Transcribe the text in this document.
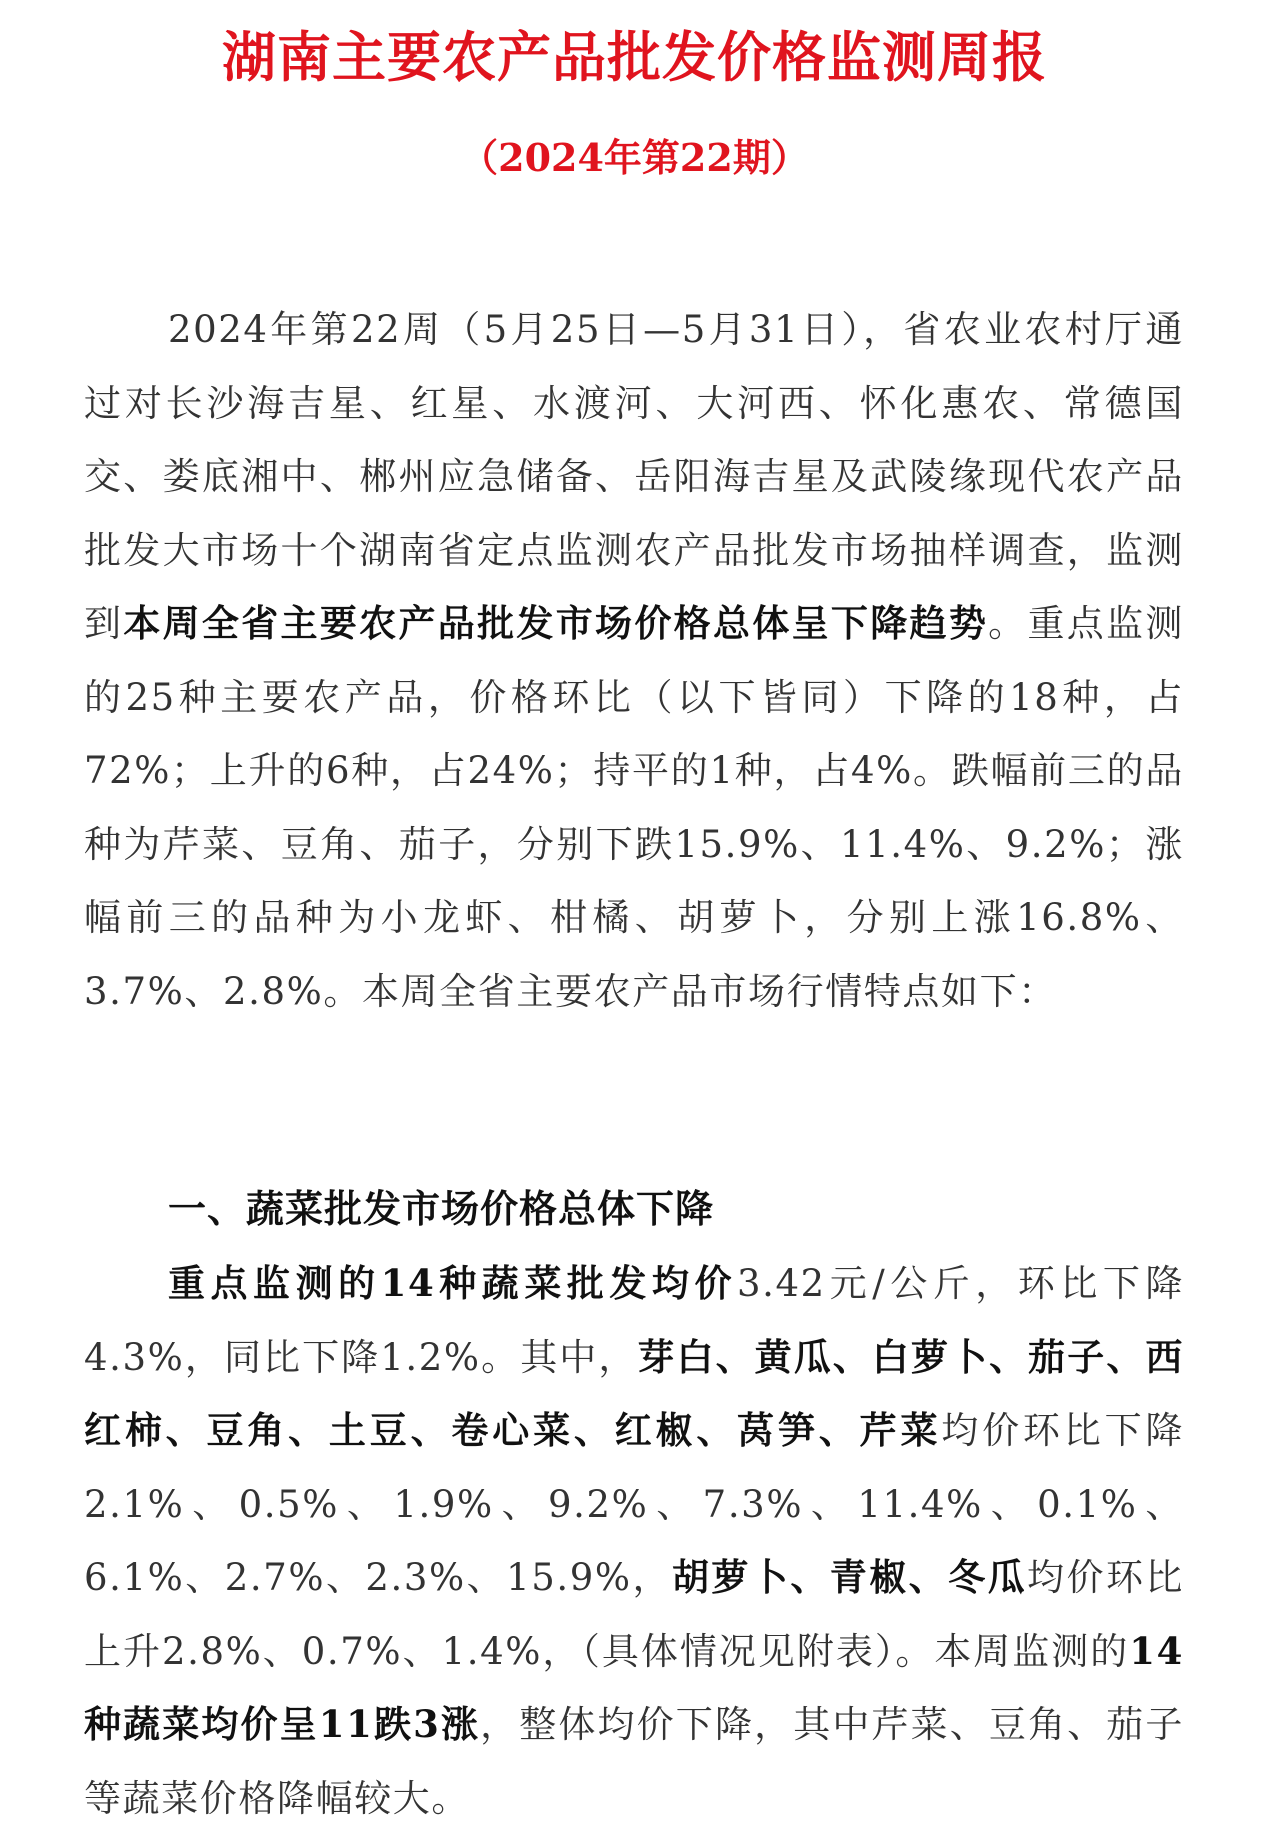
湖南主要农产品批发价格监测周报
（2024年第22期）

2024年第22周（5月25日—5月31日），省农业农村厅通过对长沙海吉星、红星、水渡河、大河西、怀化惠农、常德国交、娄底湘中、郴州应急储备、岳阳海吉星及武陵缘现代农产品批发大市场十个湖南省定点监测农产品批发市场抽样调查，监测到本周全省主要农产品批发市场价格总体呈下降趋势。重点监测的25种主要农产品，价格环比（以下皆同）下降的18种，占72%；上升的6种，占24%；持平的1种，占4%。跌幅前三的品种为芹菜、豆角、茄子，分别下跌15.9%、11.4%、9.2%；涨幅前三的品种为小龙虾、柑橘、胡萝卜，分别上涨16.8%、3.7%、2.8%。本周全省主要农产品市场行情特点如下：

一、蔬菜批发市场价格总体下降

重点监测的14种蔬菜批发均价3.42元/公斤，环比下降4.3%，同比下降1.2%。其中，芽白、黄瓜、白萝卜、茄子、西红柿、豆角、土豆、卷心菜、红椒、莴笋、芹菜均价环比下降2.1%、0.5%、1.9%、9.2%、7.3%、11.4%、0.1%、6.1%、2.7%、2.3%、15.9%，胡萝卜、青椒、冬瓜均价环比上升2.8%、0.7%、1.4%，（具体情况见附表）。本周监测的14种蔬菜均价呈11跌3涨，整体均价下降，其中芹菜、豆角、茄子等蔬菜价格降幅较大。
